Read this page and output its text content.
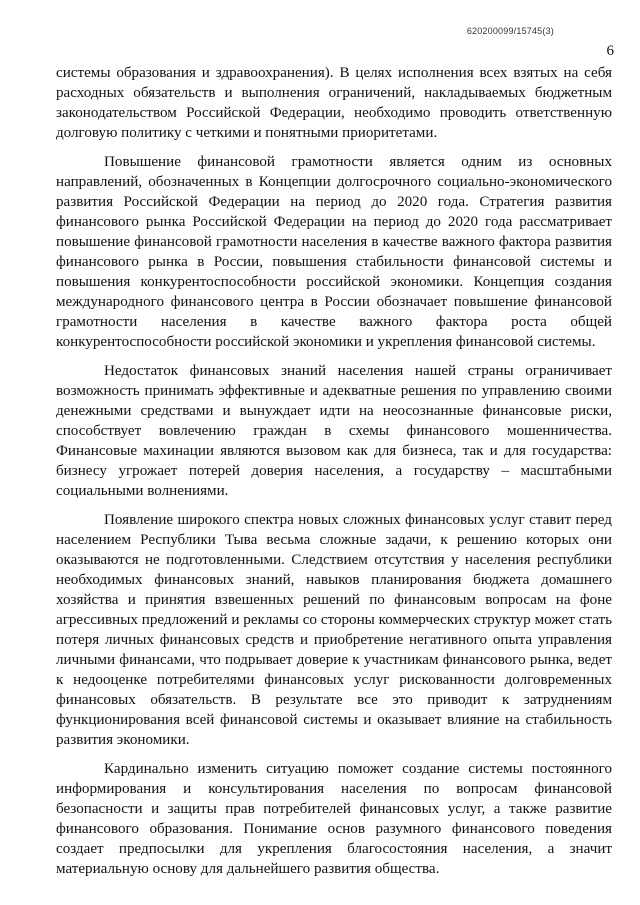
620200099/15745(3)
6

системы образования и здравоохранения). В целях исполнения всех взятых на себя расходных обязательств и выполнения ограничений, накладываемых бюджетным законодательством Российской Федерации, необходимо проводить ответственную долговую политику с четкими и понятными приоритетами.

Повышение финансовой грамотности является одним из основных направлений, обозначенных в Концепции долгосрочного социально-экономического развития Российской Федерации на период до 2020 года. Стратегия развития финансового рынка Российской Федерации на период до 2020 года рассматривает повышение финансовой грамотности населения в качестве важного фактора развития финансового рынка в России, повышения стабильности финансовой системы и повышения конкурентоспособности российской экономики. Концепция создания международного финансового центра в России обозначает повышение финансовой грамотности населения в качестве важного фактора роста общей конкурентоспособности российской экономики и укрепления финансовой системы.

Недостаток финансовых знаний населения нашей страны ограничивает возможность принимать эффективные и адекватные решения по управлению своими денежными средствами и вынуждает идти на неосознанные финансовые риски, способствует вовлечению граждан в схемы финансового мошенничества. Финансовые махинации являются вызовом как для бизнеса, так и для государства: бизнесу угрожает потерей доверия населения, а государству – масштабными социальными волнениями.

Появление широкого спектра новых сложных финансовых услуг ставит перед населением Республики Тыва весьма сложные задачи, к решению которых они оказываются не подготовленными. Следствием отсутствия у населения республики необходимых финансовых знаний, навыков планирования бюджета домашнего хозяйства и принятия взвешенных решений по финансовым вопросам на фоне агрессивных предложений и рекламы со стороны коммерческих структур может стать потеря личных финансовых средств и приобретение негативного опыта управления личными финансами, что подрывает доверие к участникам финансового рынка, ведет к недооценке потребителями финансовых услуг рискованности долговременных финансовых обязательств. В результате все это приводит к затруднениям функционирования всей финансовой системы и оказывает влияние на стабильность развития экономики.

Кардинально изменить ситуацию поможет создание системы постоянного информирования и консультирования населения по вопросам финансовой безопасности и защиты прав потребителей финансовых услуг, а также развитие финансового образования. Понимание основ разумного финансового поведения создает предпосылки для укрепления благосостояния населения, а значит материальную основу для дальнейшего развития общества.
